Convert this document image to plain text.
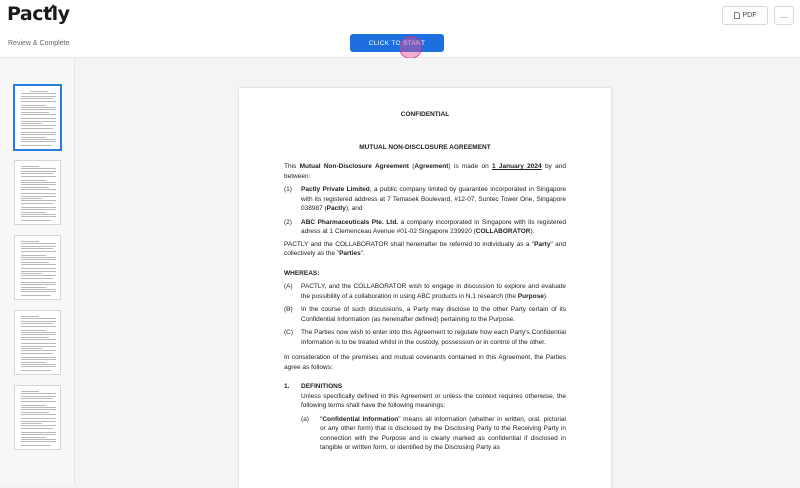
Pactly	PDF	...
Review & Complete	CLICK TO START
CONFIDENTIAL
MUTUAL NON-DISCLOSURE AGREEMENT

This Mutual Non-Disclosure Agreement (Agreement) is made on 1 January 2024 by and between:

(1) Pactly Private Limited, a public company limited by guarantee incorporated in Singapore with its registered address at 7 Temasek Boulevard, #12-07, Suntec Tower One, Singapore 038987 (Pactly); and

(2) ABC Pharmaceuticals Pte. Ltd. a company incorporated in Singapore with its registered adress at 1 Clemenceau Avenue #01-02 Singapore 239920 (COLLABORATOR).

PACTLY and the COLLABORATOR shall hereinafter be referred to individually as a "Party" and collectively as the "Parties".

WHEREAS:

(A) PACTLY, and the COLLABORATOR wish to engage in discussion to explore and evaluate the possibility of a collaboration in using ABC products in N.1 research (the Purpose).

(B) In the course of such discussions, a Party may disclose to the other Party certain of its Confidential Information (as hereinafter defined) pertaining to the Purpose.

(C) The Parties now wish to enter into this Agreement to regulate how each Party's Confidential Information is to be treated whilst in the custody, possession or in control of the other.

In consideration of the premises and mutual covenants contained in this Agreement, the Parties agree as follows:

1. DEFINITIONS

Unless specifically defined in this Agreement or unless the context requires otherwise, the following terms shall have the following meanings:

(a) "Confidential Information" means all information (whether in written, oral, pictorial or any other form) that is disclosed by the Disclosing Party to the Receiving Party in connection with the Purpose and is clearly marked as confidential if disclosed in tangible or written form, or identified by the Disclosing Party as
